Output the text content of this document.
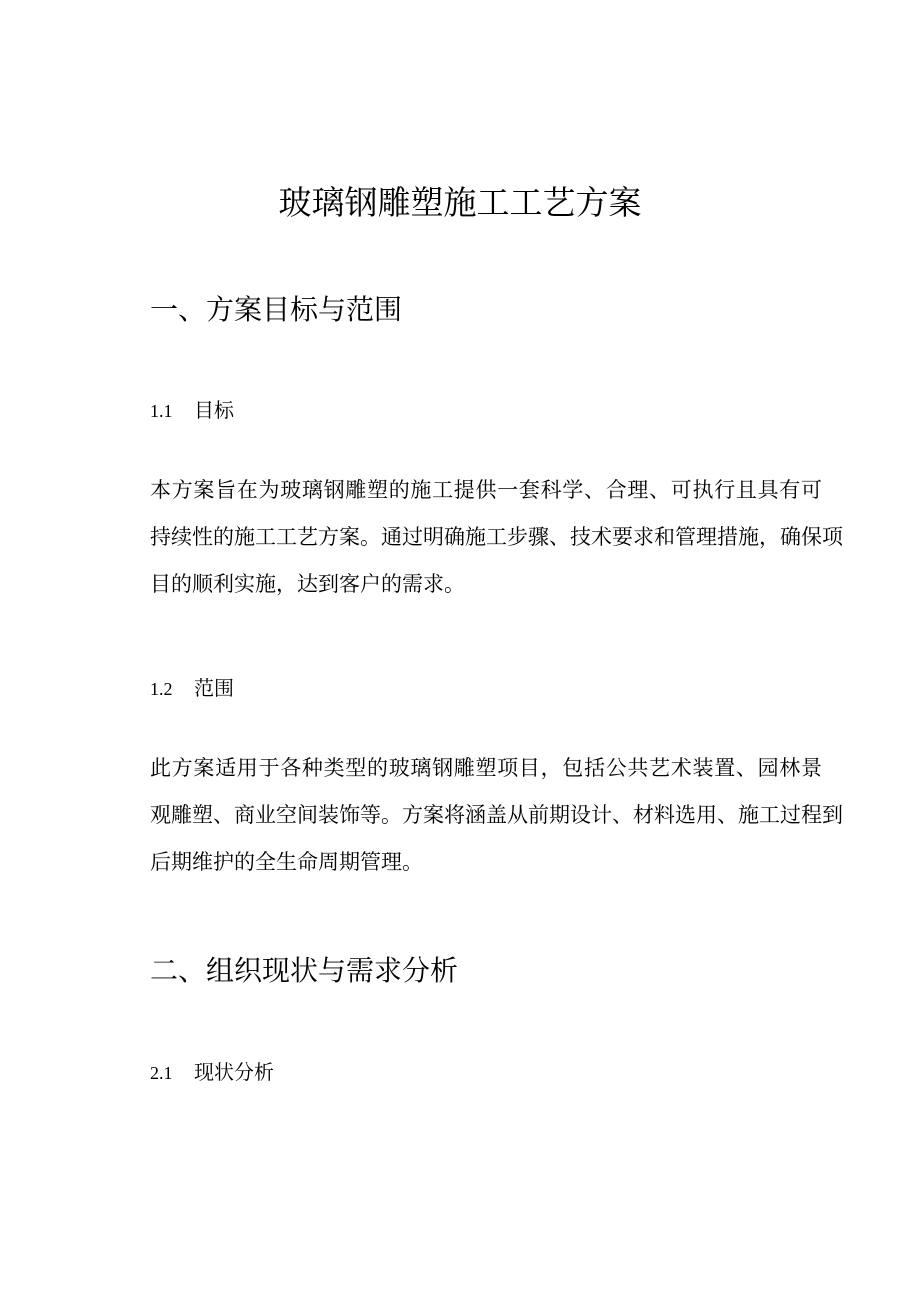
玻璃钢雕塑施工工艺方案
一、方案目标与范围
1.1 目标
本方案旨在为玻璃钢雕塑的施工提供一套科学、合理、可执行且具有可
持续性的施工工艺方案。通过明确施工步骤、技术要求和管理措施，确保项
目的顺利实施，达到客户的需求。
1.2 范围
此方案适用于各种类型的玻璃钢雕塑项目，包括公共艺术装置、园林景
观雕塑、商业空间装饰等。方案将涵盖从前期设计、材料选用、施工过程到
后期维护的全生命周期管理。
二、组织现状与需求分析
2.1 现状分析
